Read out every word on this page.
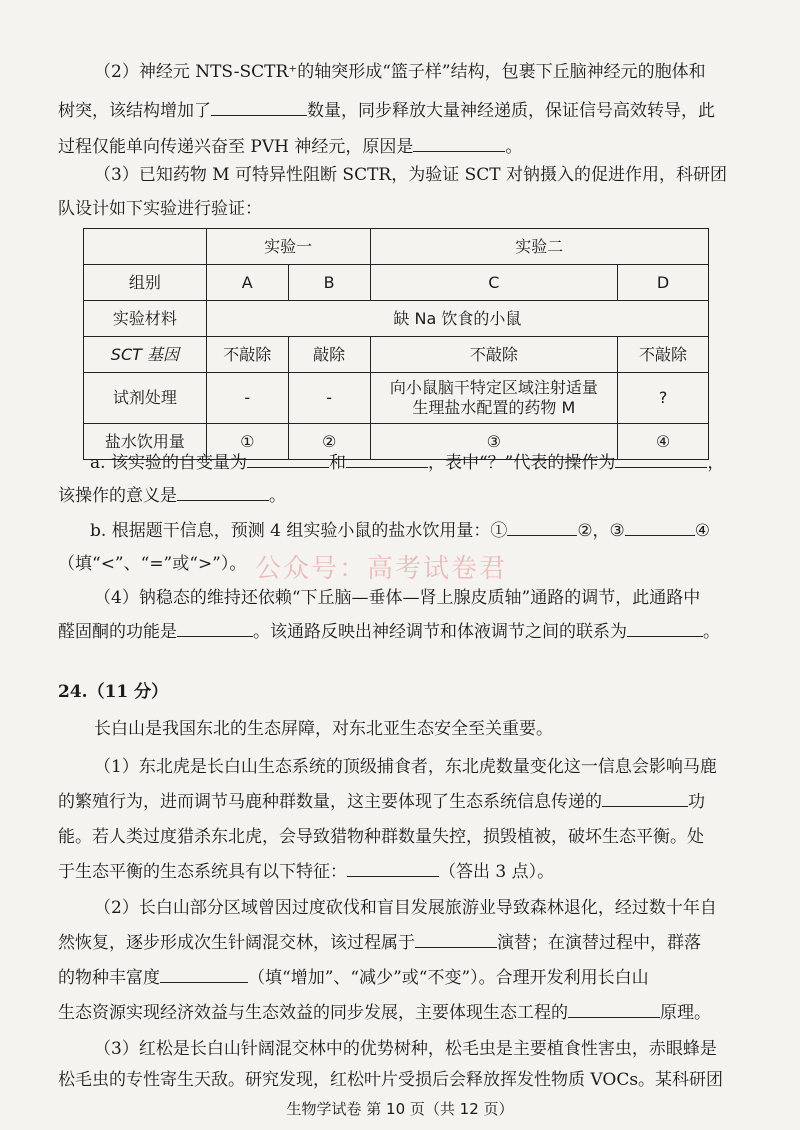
（2）神经元 NTS-SCTR⁺的轴突形成“篮子样”结构，包裹下丘脑神经元的胞体和
树突，该结构增加了	数量，同步释放大量神经递质，保证信号高效转导，此
过程仅能单向传递兴奋至 PVH 神经元，原因是	。
（3）已知药物 M 可特异性阻断 SCTR，为验证 SCT 对钠摄入的促进作用，科研团
队设计如下实验进行验证：
	实验一		实验二	
组别	A	B	C	D
实验材料	缺 Na 饮食的小鼠			
SCT 基因	不敲除	敲除	不敲除	不敲除
试剂处理	-	-	向小鼠脑干特定区域注射适量生理盐水配置的药物 M	?
盐水饮用量	①	②	③	④
a. 该实验的自变量为	和	，表中“？”代表的操作为	，
该操作的意义是	。
b. 根据题干信息，预测 4 组实验小鼠的盐水饮用量：①	②，③	④
（填“<”、“=”或“>”）。 公众号：高考试卷君
（4）钠稳态的维持还依赖“下丘脑—垂体—肾上腺皮质轴”通路的调节，此通路中
醛固酮的功能是	。该通路反映出神经调节和体液调节之间的联系为	。
24.（11 分）
长白山是我国东北的生态屏障，对东北亚生态安全至关重要。
（1）东北虎是长白山生态系统的顶级捕食者，东北虎数量变化这一信息会影响马鹿
的繁殖行为，进而调节马鹿种群数量，这主要体现了生态系统信息传递的	功
能。若人类过度猎杀东北虎，会导致猎物种群数量失控，损毁植被，破坏生态平衡。处
于生态平衡的生态系统具有以下特征：	（答出 3 点）。
（2）长白山部分区域曾因过度砍伐和盲目发展旅游业导致森林退化，经过数十年自
然恢复，逐步形成次生针阔混交林，该过程属于	演替；在演替过程中，群落
的物种丰富度	（填“增加”、“减少”或“不变”）。合理开发利用长白山
生态资源实现经济效益与生态效益的同步发展，主要体现生态工程的	原理。
（3）红松是长白山针阔混交林中的优势树种，松毛虫是主要植食性害虫，赤眼蜂是
松毛虫的专性寄生天敌。研究发现，红松叶片受损后会释放挥发性物质 VOCs。某科研团
生物学试卷 第 10 页（共 12 页）
